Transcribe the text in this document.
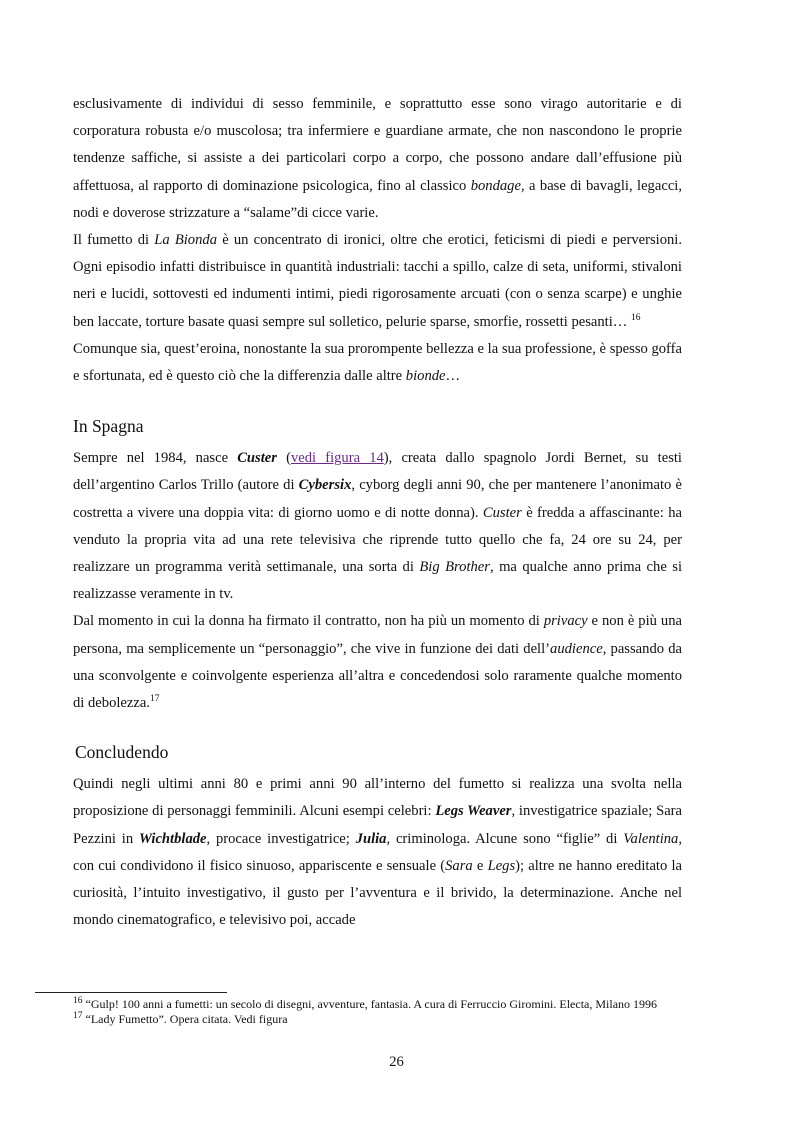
esclusivamente di individui di sesso femminile, e soprattutto esse sono virago autoritarie e di corporatura robusta e/o muscolosa; tra infermiere e guardiane armate, che non nascondono le proprie tendenze saffiche, si assiste a dei particolari corpo a corpo, che possono andare dall’effusione più affettuosa, al rapporto di dominazione psicologica, fino al classico bondage, a base di bavagli, legacci, nodi e doverose strizzature a “salame”di cicce varie.

Il fumetto di La Bionda è un concentrato di ironici, oltre che erotici, feticismi di piedi e perversioni. Ogni episodio infatti distribuisce in quantità industriali: tacchi a spillo, calze di seta, uniformi, stivaloni neri e lucidi, sottovesti ed indumenti intimi, piedi rigorosamente arcuati (con o senza scarpe) e unghie ben laccate, torture basate quasi sempre sul solletico, pelurie sparse, smorfie, rossetti pesanti… $^{16}$

Comunque sia, quest’eroina, nonostante la sua prorompente bellezza e la sua professione, è spesso goffa e sfortunata, ed è questo ciò che la differenzia dalle altre bionde…

In Spagna

Sempre nel 1984, nasce Custer (vedi figura 14), creata dallo spagnolo Jordi Bernet, su testi dell’argentino Carlos Trillo (autore di Cybersix, cyborg degli anni 90, che per mantenere l’anonimato è costretta a vivere una doppia vita: di giorno uomo e di notte donna). Custer è fredda a affascinante: ha venduto la propria vita ad una rete televisiva che riprende tutto quello che fa, 24 ore su 24, per realizzare un programma verità settimanale, una sorta di Big Brother, ma qualche anno prima che si realizzasse veramente in tv.

Dal momento in cui la donna ha firmato il contratto, non ha più un momento di privacy e non è più una persona, ma semplicemente un “personaggio”, che vive in funzione dei dati dell’audience, passando da una sconvolgente e coinvolgente esperienza all’altra e concedendosi solo raramente qualche momento di debolezza.$^{17}$

Concludendo

Quindi negli ultimi anni 80 e primi anni 90 all’interno del fumetto si realizza una svolta nella proposizione di personaggi femminili. Alcuni esempi celebri: Legs Weaver, investigatrice spaziale; Sara Pezzini in Wichtblade, procace investigatrice; Julia, criminologa. Alcune sono “figlie” di Valentina, con cui condividono il fisico sinuoso, appariscente e sensuale (Sara e Legs); altre ne hanno ereditato la curiosità, l’intuito investigativo, il gusto per l’avventura e il brivido, la determinazione. Anche nel mondo cinematografico, e televisivo poi, accade

$^{16}$ “Gulp! 100 anni a fumetti: un secolo di disegni, avventure, fantasia. A cura di Ferruccio Giromini. Electa, Milano 1996
$^{17}$ “Lady Fumetto”. Opera citata. Vedi figura
26
